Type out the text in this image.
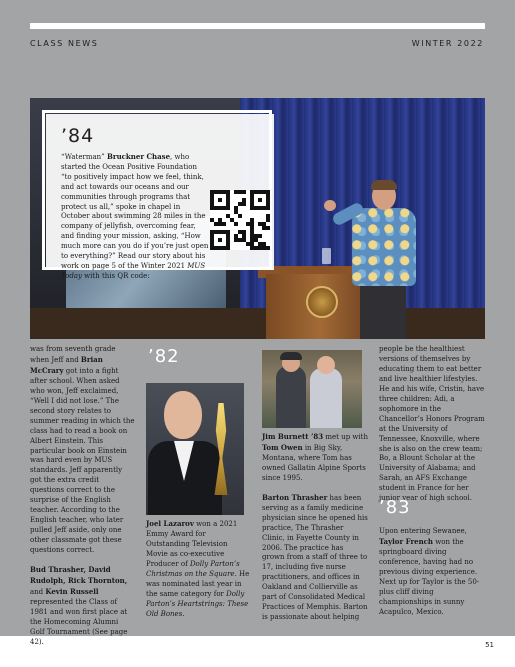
CLASS NEWS	WINTER 2022
’84

“Waterman” Bruckner Chase, who started the Ocean Positive Foundation “to positively impact how we feel, think, and act towards our oceans and our communities through programs that protect us all,” spoke in chapel in October about swimming 28 miles in the company of jellyfish, overcoming fear, and finding your mission, asking, “How much more can you do if you’re just open to everything?” Read our story about his work on page 5 of the Winter 2021 MUS Today with this QR code:

was from seventh grade when Jeff and Brian McCrary got into a fight after school. When asked who won, Jeff exclaimed, “Well I did not lose.” The second story relates to summer reading in which the class had to read a book on Albert Einstein. This particular book on Einstein was hard even by MUS standards. Jeff apparently got the extra credit questions correct to the surprise of the English teacher. According to the English teacher, who later pulled Jeff aside, only one other classmate got these questions correct.

Bud Thrasher, David Rudolph, Rick Thornton, and Kevin Russell represented the Class of 1981 and won first place at the Homecoming Alumni Golf Tournament (See page 42).

’82

Joel Lazarov won a 2021 Emmy Award for Outstanding Television Movie as co-executive Producer of Dolly Parton’s Christmas on the Square. He was nominated last year in the same category for Dolly Parton’s Heartstrings: These Old Bones.

Jim Burnett ’83 met up with Tom Owen in Big Sky, Montana, where Tom has owned Gallatin Alpine Sports since 1995.

Barton Thrasher has been serving as a family medicine physician since he opened his practice, The Thrasher Clinic, in Fayette County in 2006. The practice has grown from a staff of three to 17, including five nurse practitioners, and offices in Oakland and Collierville as part of Consolidated Medical Practices of Memphis. Barton is passionate about helping

people be the healthiest versions of themselves by educating them to eat better and live healthier lifestyles. He and his wife, Cristin, have three children: Adi, a sophomore in the Chancellor’s Honors Program at the University of Tennessee, Knoxville, where she is also on the crew team; Bo, a Blount Scholar at the University of Alabama; and Sarah, an AFS Exchange student in France for her junior year of high school.

’83

Upon entering Sewanee, Taylor French won the springboard diving conference, having had no previous diving experience. Next up for Taylor is the 50-plus cliff diving championships in sunny Acapulco, Mexico.

51
